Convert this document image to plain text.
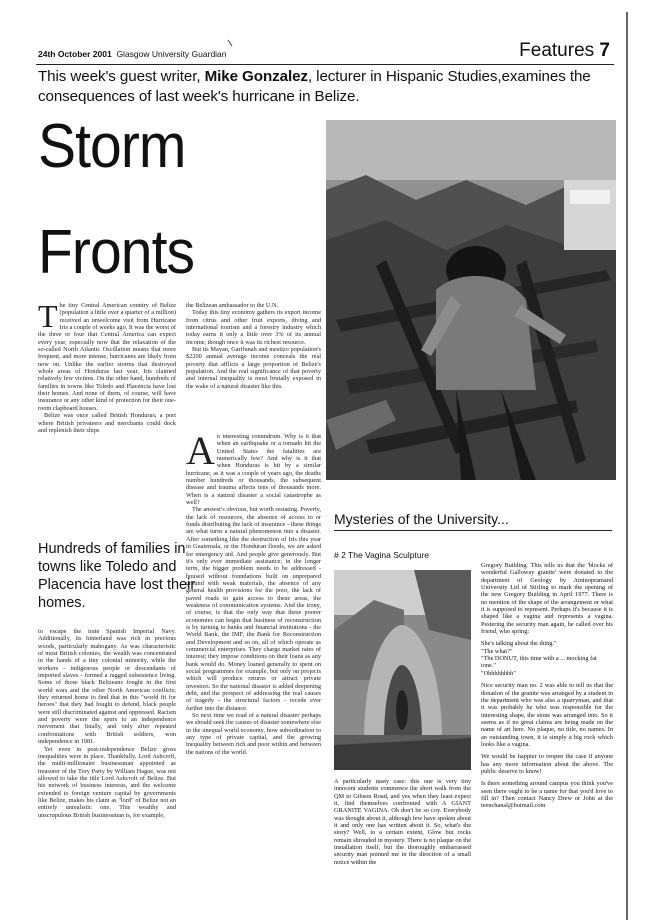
24th October 2001 Glasgow University Guardian	Features 7
This week's guest writer, Mike Gonzalez, lecturer in Hispanic Studies,examines the consequences of last week's hurricane in Belize.
Storm
Fronts
T he tiny Central American country of Belize (population a little over a quarter of a million) received an unwelcome visit from Hurricane Iris a couple of weeks ago. It was the worst of the three or four that Central America can expect every year, especially now that the relaxation of the so-called North Atlantic Oscillation means that more frequent, and more intense, hurricanes are likely from now on. Unlike the earlier storms that destroyed whole areas of Honduras last year, Iris claimed relatively few victims. On the other hand, hundreds of families in towns like Toledo and Placencia have lost their homes. And none of them, of course, will have insurance or any other kind of protection for their one-room clapboard houses.

Belize was once called British Honduras; a port where British privateers and merchants could dock and replenish their ships

Hundreds of families in towns like Toledo and Placencia have lost their homes.

to escape the irate Spanish Imperial Navy. Additionally, its hinterland was rich in precious woods, particularly mahogany. As was characteristic of most British colonies, the wealth was concentrated in the hands of a tiny colonial minority, while the workers - indigenous people or descendants of imported slaves - formed a ragged subsistence living. Some of those black Belizeans fought in the first world wars and the other North American conflicts; they returned home to find that in this "world fit for heroes" that they had fought to defend, black people were still discriminated against and oppressed. Racism and poverty were the spurs to an independence movement that finally, and only after repeated confrontations with British soldiers, won independence in 1981.

Yet even in post-independence Belize gross inequalities were in place. Thankfully, Lord Ashcroft, the multi-millionaire businessman appointed as treasurer of the Tory Party by William Hague, was not allowed to take the title Lord Ashcroft of Belize. But his network of business interests, and the welcome extended to foreign venture capital by governments like Belize, makes his claim as "lord" of Belize not an entirely unrealistic one. This wealthy and unscrupulous British businessman is, for example,

the Belizean ambassador to the U.N.

Today this tiny economy gathers its export income from citrus and other fruit exports, diving and international tourism and a forestry industry which today earns it only a little over 3% of its annual income, though once it was its richest resource.

But its Mayan, Garifunah and mestizo population's $2200 annual average income conceals the real poverty that afflicts a large proportion of Belize's population. And the real significance of that poverty and internal inequality is most brutally exposed in the wake of a natural disaster like this.

A n interesting conundrum. Why is it that when an earthquake or a tornado hit the United States the fatalities are numerically few? And why is it that when Honduras is hit by a similar hurricane, as it was a couple of years ago, the deaths number hundreds or thousands, the subsequent disease and trauma affects tens of thousands more. When is a natural disaster a social catastrophe as well?

The answer's obvious, but worth restating. Poverty, the lack of resources, the absence of access to or funds distributing the lack of insurance - these things are what turns a natural phenomenon into a disaster. After something like the destruction of Iris this year in Guatemala, or the Honduran floods, we are asked for emergency aid. And people give generously. But it's only ever immediate assistance; in the longer term, the bigger problem needs to be addressed - housed without foundations built on unprepared ground with weak materials, the absence of any general health provisions for the poor, the lack of paved roads to gain access to these areas, the weakness of communication systems. And the irony, of course, is that the only way that these poorer economies can begin that business of reconstruction is by turning to banks and financial institutions - the World Bank, the IMF, the Bank for Reconstruction and Development and so on, all of which operate as commercial enterprises. They charge market rates of interest; they impose conditions on their loans as any bank would do. Money loaned generally to spent on social programmes for example, but only on projects which will produce returns or attract private investors. So the national disaster is added deepening debt, and the prospect of addressing the real causes of tragedy - the structural factors - recede ever further into the distance.

So next time we read of a natural disaster perhaps we should seek the causes of disaster somewhere else in the unequal world economy, how subordination to any type of private capital, and the growing inequality between rich and poor within and between the nations of the world.

Mysteries of the University...
# 2 The Vagina Sculpture
A particularly nasty case: this one is very tiny innocent students commence the short walk from the QM to Gibson Road, and yes when they least expect it, find themselves confronted with A GIANT GRANITE VAGINA. Oh don't be so coy. Everybody was thought about it, although few have spoken about it and only one has written about it. So, what's the story? Well, to a certain extent, Glow but rocks remain shrouded in mystery. There is no plaque on the installation itself, but the thoroughly embarrassed security man pointed me in the direction of a small notice within the

Gregory Building. This tells us that the 'blocks of wonderful Galloway granite' were donated to the department of Geology by Aminopramand University Ltd of Stirling to mark the opening of the new Gregory Building in April 1977. There is no mention of the shape of the arrangement or what it is supposed to represent. Perhaps it's because it is shaped like a vagina and represents a vagina. Pestering the security man again, he called over his friend, who spring:

She's talking about the thing."
"The what?"
"The DONUT, this time with a ... mocking fat tone."
"Ohhhhhhhh"

Nice security man no. 2 was able to tell us that the donation of the granite was arranged by a student in the department who was also a quarryman, and that it was probably he who was responsible for the interesting shape, the stone was arranged into. So it seems as if no great claims are being made on the name of art here. No plaque, no title, no names. In an outstanding town, it is simply a big rock which looks like a vagina.

We would be happier to reopen the case if anyone has any more information about the above. The public deserve to know!

Is there something around campus you think you've seen there ought to be a name for that you'd love to fill in? Then contact Nancy Drew or John at the teenchanal@hotmail.com
